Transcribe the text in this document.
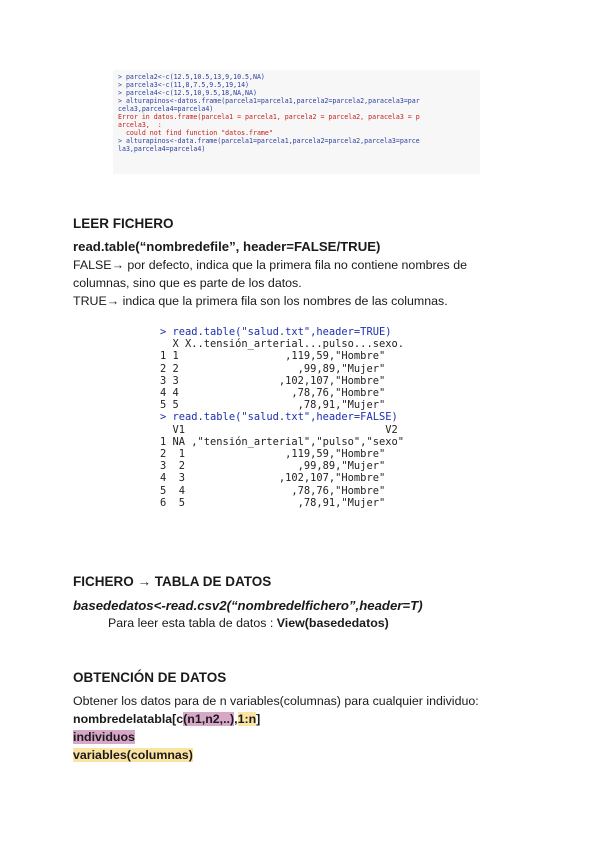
> parcela2<-c(12.5,10.5,13,9,10.5,NA)
> parcela3<-c(11,8,7.5,9.5,19,14)
> parcela4<-c(12.5,10,9.5,18,NA,NA)
> alturapinos<-datos.frame(parcela1=parcela1,parcela2=parcela2,paracela3=par
cela3,parcela4=parcela4)
Error in datos.frame(parcela1 = parcela1, parcela2 = parcela2, paracela3 = p
arcela3,  :
could not find function "datos.frame"
> alturapinos<-data.frame(parcela1=parcela1,parcela2=parcela2,parcela3=parce
la3,parcela4=parcela4)
LEER FICHERO
read.table(“nombredefile”, header=FALSE/TRUE)
FALSE→ por defecto, indica que la primera fila no contiene nombres de
columnas, sino que es parte de los datos.
TRUE→ indica que la primera fila son los nombres de las columnas.
> read.table("salud.txt",header=TRUE)
X X..tensión_arterial...pulso...sexo.
1 1                 ,119,59,"Hombre"
2 2                   ,99,89,"Mujer"
3 3                ,102,107,"Hombre"
4 4                  ,78,76,"Hombre"
5 5                   ,78,91,"Mujer"
> read.table("salud.txt",header=FALSE)
V1                                V2
1 NA ,"tensión_arterial","pulso","sexo"
2  1                ,119,59,"Hombre"
3  2                  ,99,89,"Mujer"
4  3               ,102,107,"Hombre"
5  4                 ,78,76,"Hombre"
6  5                  ,78,91,"Mujer"
FICHERO → TABLA DE DATOS
basededatos<-read.csv2(“nombredelfichero”,header=T)
Para leer esta tabla de datos : View(basededatos)
OBTENCIÓN DE DATOS
Obtener los datos para de n variables(columnas) para cualquier individuo:
nombredelatabla[c(n1,n2,..),1:n]
individuos
variables(columnas)
